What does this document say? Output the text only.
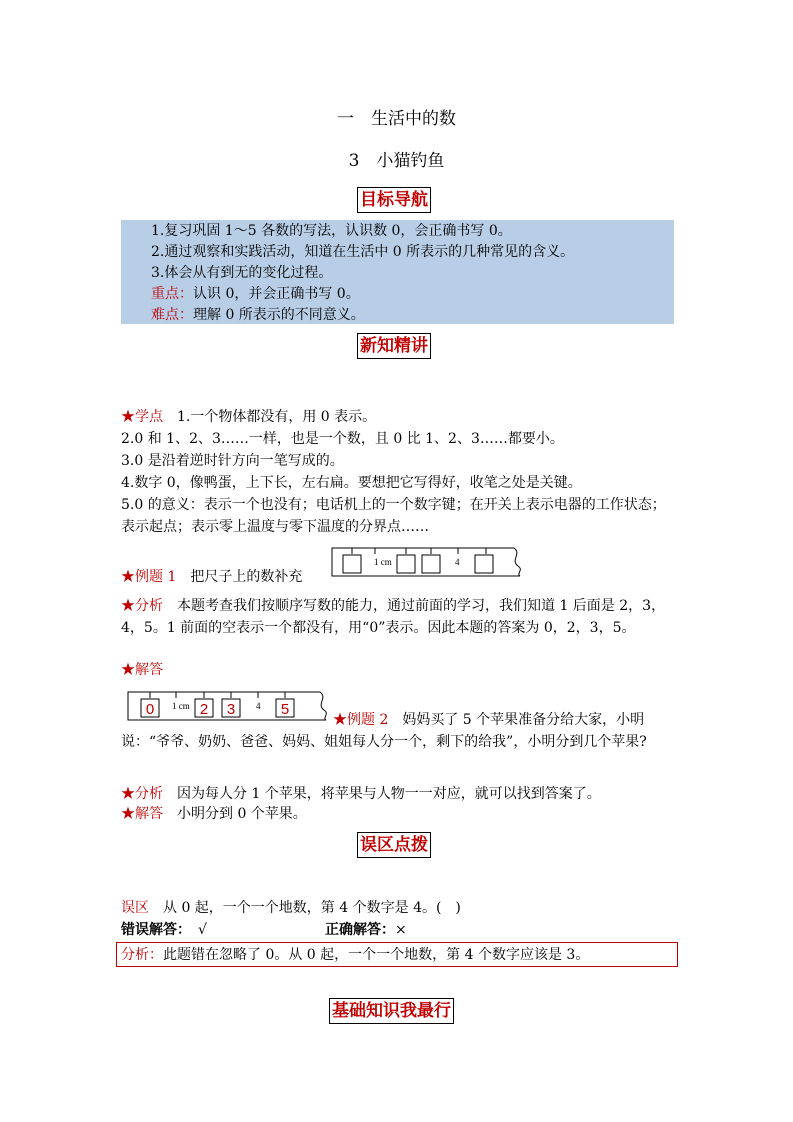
一　生活中的数
3　小猫钓鱼
目标导航
1.复习巩固 1～5 各数的写法，认识数 0，会正确书写 0。
2.通过观察和实践活动，知道在生活中 0 所表示的几种常见的含义。
3.体会从有到无的变化过程。
重点：认识 0，并会正确书写 0。
难点：理解 0 所表示的不同意义。
新知精讲
★学点　 1.一个物体都没有，用 0 表示。
2.0 和 1、2、3……一样，也是一个数，且 0 比 1、2、3……都要小。
3.0 是沿着逆时针方向一笔写成的。
4.数字 0，像鸭蛋，上下长，左右扁。要想把它写得好，收笔之处是关键。
5.0 的意义：表示一个也没有；电话机上的一个数字键；在开关上表示电器的工作状态；表示起点；表示零上温度与零下温度的分界点……
★例题 1　 把尺子上的数补充
1 cm	4
★分析　 本题考查我们按顺序写数的能力，通过前面的学习，我们知道 1 后面是 2，3，4，5。1 前面的空表示一个都没有，用“0”表示。因此本题的答案为 0，2，3，5。
★解答
0	2 3	5
1 cm	4
★例题 2　 妈妈买了 5 个苹果准备分给大家，小明说：“爷爷、奶奶、爸爸、妈妈、姐姐每人分一个，剩下的给我”，小明分到几个苹果?
★分析　 因为每人分 1 个苹果，将苹果与人物一一对应，就可以找到答案了。
★解答　 小明分到 0 个苹果。
误区点拨
误区　 从 0 起，一个一个地数，第 4 个数字是 4。(　)
错误解答：　 √	正确解答：×
分析：此题错在忽略了 0。从 0 起，一个一个地数，第 4 个数字应该是 3。
基础知识我最行
